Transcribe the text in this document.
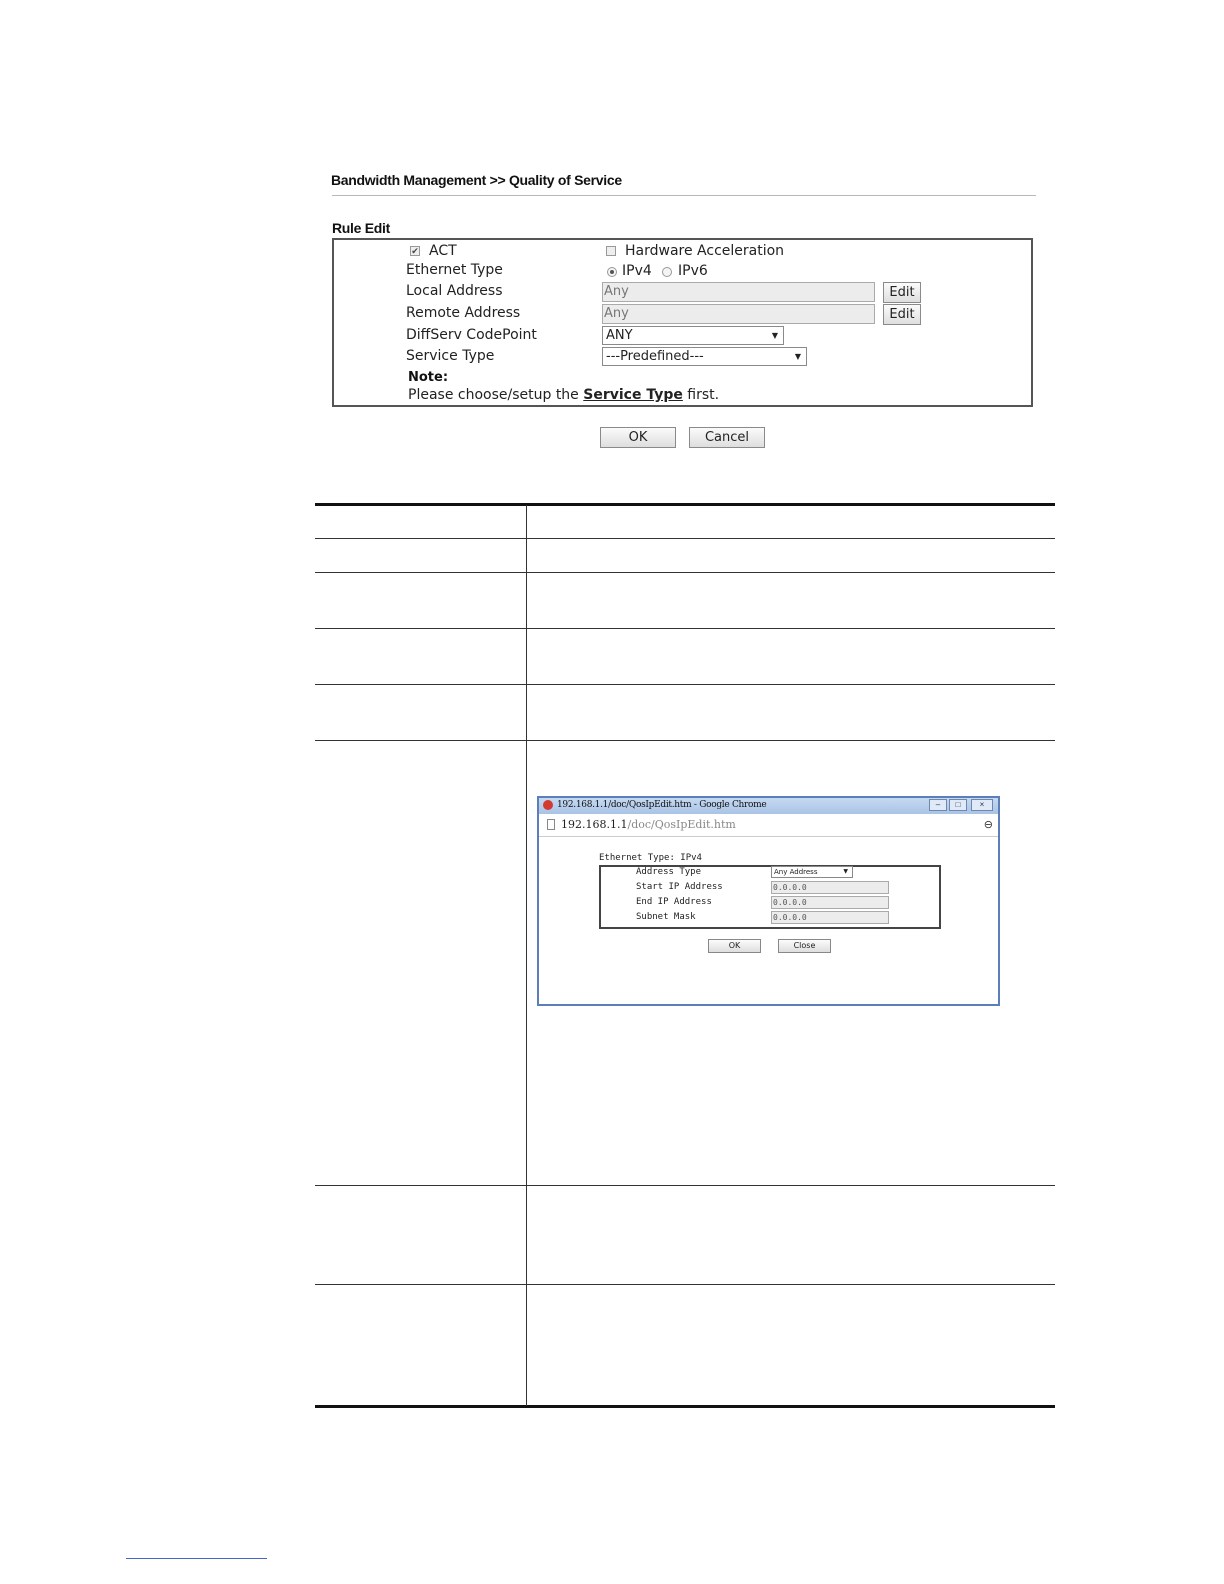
Bandwidth Management >> Quality of Service
Rule Edit
✔ ACT	Hardware Acceleration
Ethernet Type	IPv4 IPv6
Local Address	Any	Edit
Remote Address	Any	Edit
DiffServ CodePoint	ANY	▼
Service Type	---Predefined---	▼
Note:
Please choose/setup the Service Type first.
OK	Cancel
192.168.1.1/doc/QosIpEdit.htm - Google Chrome	–	□	×
192.168.1.1/doc/QosIpEdit.htm	⊖
Ethernet Type: IPv4
Address Type	Any Address	▼
Start IP Address	0.0.0.0
End IP Address	0.0.0.0
Subnet Mask	0.0.0.0
OK	Close
